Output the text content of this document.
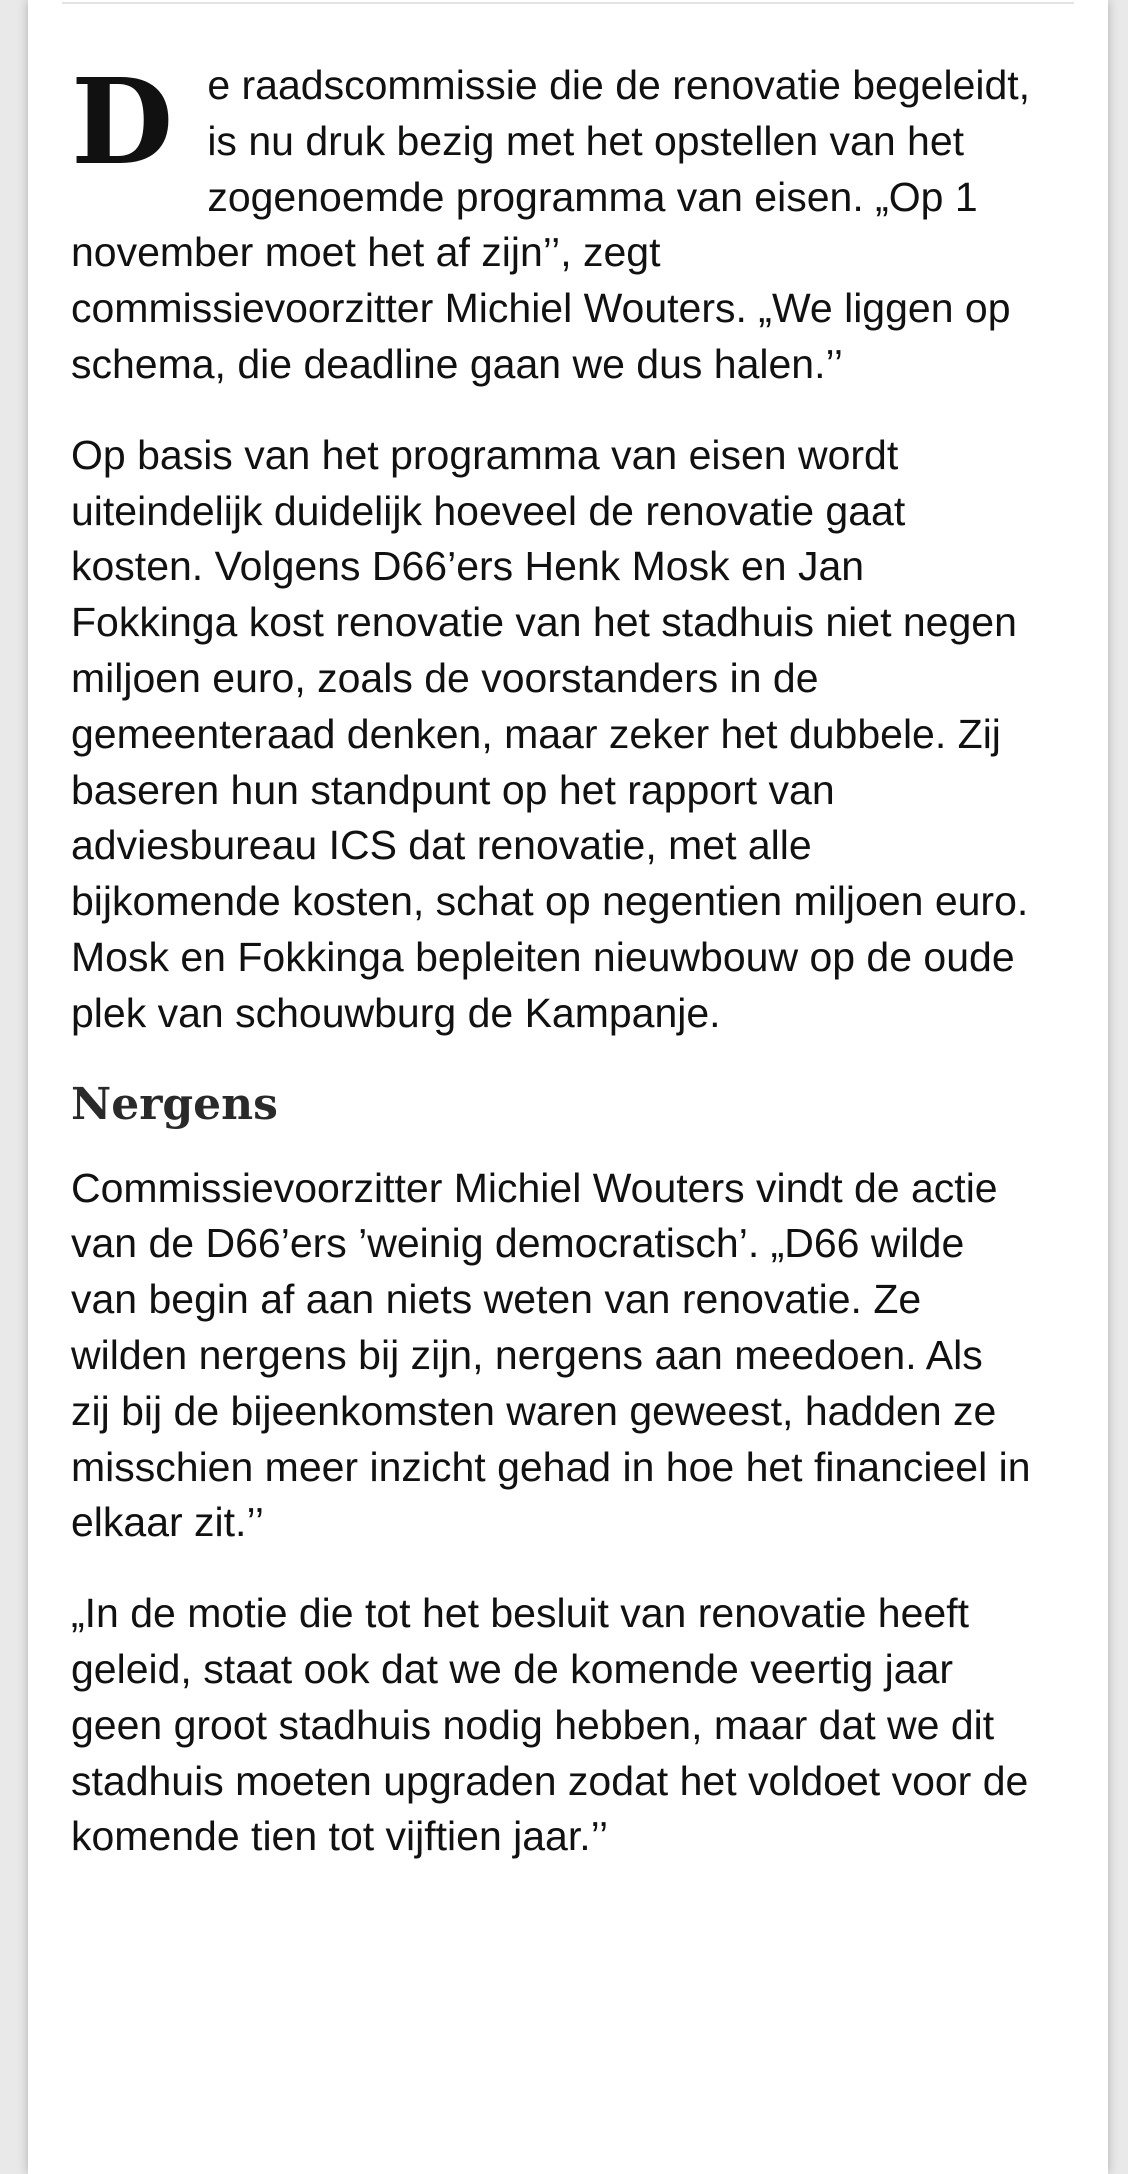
De raadscommissie die de renovatie begeleidt, is nu druk bezig met het opstellen van het zogenoemde programma van eisen. „Op 1 november moet het af zijn’’, zegt commissievoorzitter Michiel Wouters. „We liggen op schema, die deadline gaan we dus halen.’’

Op basis van het programma van eisen wordt uiteindelijk duidelijk hoeveel de renovatie gaat kosten. Volgens D66’ers Henk Mosk en Jan Fokkinga kost renovatie van het stadhuis niet negen miljoen euro, zoals de voorstanders in de gemeenteraad denken, maar zeker het dubbele. Zij baseren hun standpunt op het rapport van adviesbureau ICS dat renovatie, met alle bijkomende kosten, schat op negentien miljoen euro. Mosk en Fokkinga bepleiten nieuwbouw op de oude plek van schouwburg de Kampanje.

Nergens

Commissievoorzitter Michiel Wouters vindt de actie van de D66’ers ’weinig democratisch’. „D66 wilde van begin af aan niets weten van renovatie. Ze wilden nergens bij zijn, nergens aan meedoen. Als zij bij de bijeenkomsten waren geweest, hadden ze misschien meer inzicht gehad in hoe het financieel in elkaar zit.’’

„In de motie die tot het besluit van renovatie heeft geleid, staat ook dat we de komende veertig jaar geen groot stadhuis nodig hebben, maar dat we dit stadhuis moeten upgraden zodat het voldoet voor de komende tien tot vijftien jaar.’’
